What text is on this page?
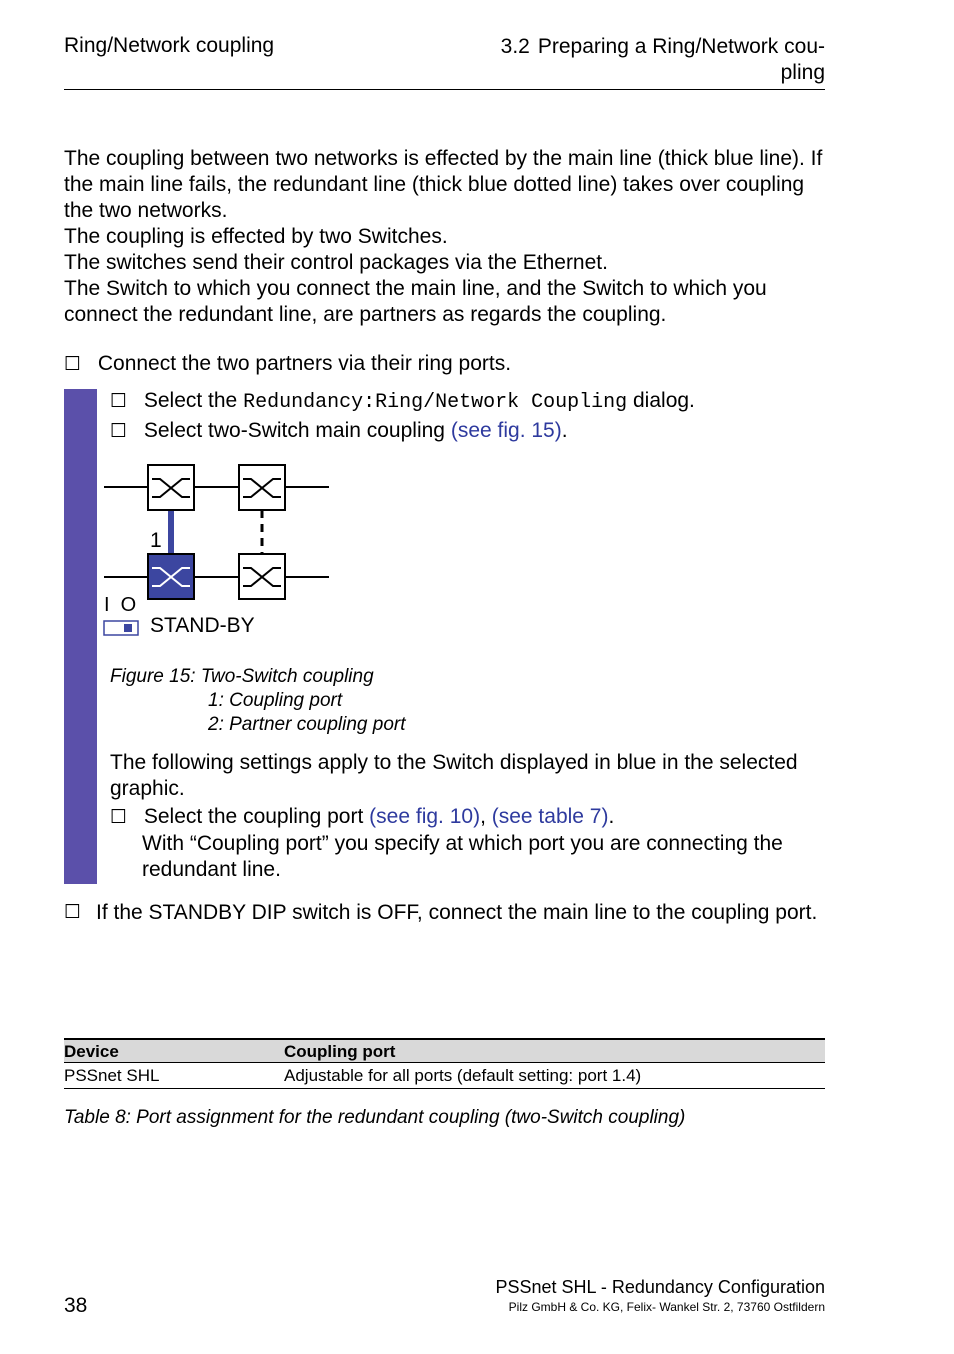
Ring/Network coupling	3.2 Preparing a Ring/Network cou-
pling

The coupling between two networks is effected by the main line (thick blue line). If the main line fails, the redundant line (thick blue dotted line) takes over coupling the two networks.

The coupling is effected by two Switches.

The switches send their control packages via the Ethernet.

The Switch to which you connect the main line, and the Switch to which you connect the redundant line, are partners as regards the coupling.

☐ Connect the two partners via their ring ports.
☐ Select the Redundancy:Ring/Network Coupling dialog.
☐ Select two-Switch main coupling (see fig. 15).
1
I  O
STAND-BY
Figure 15: Two-Switch coupling
1: Coupling port
2: Partner coupling port
The following settings apply to the Switch displayed in blue in the selected graphic.
☐ Select the coupling port (see fig. 10), (see table 7).
With “Coupling port” you specify at which port you are connecting the redundant line.
☐ If the STANDBY DIP switch is OFF, connect the main line to the coupling port.
Device	Coupling port
PSSnet SHL	Adjustable for all ports (default setting: port 1.4)
Table 8: Port assignment for the redundant coupling (two-Switch coupling)
38
PSSnet SHL - Redundancy Configuration
Pilz GmbH & Co. KG, Felix- Wankel Str. 2, 73760 Ostfildern
